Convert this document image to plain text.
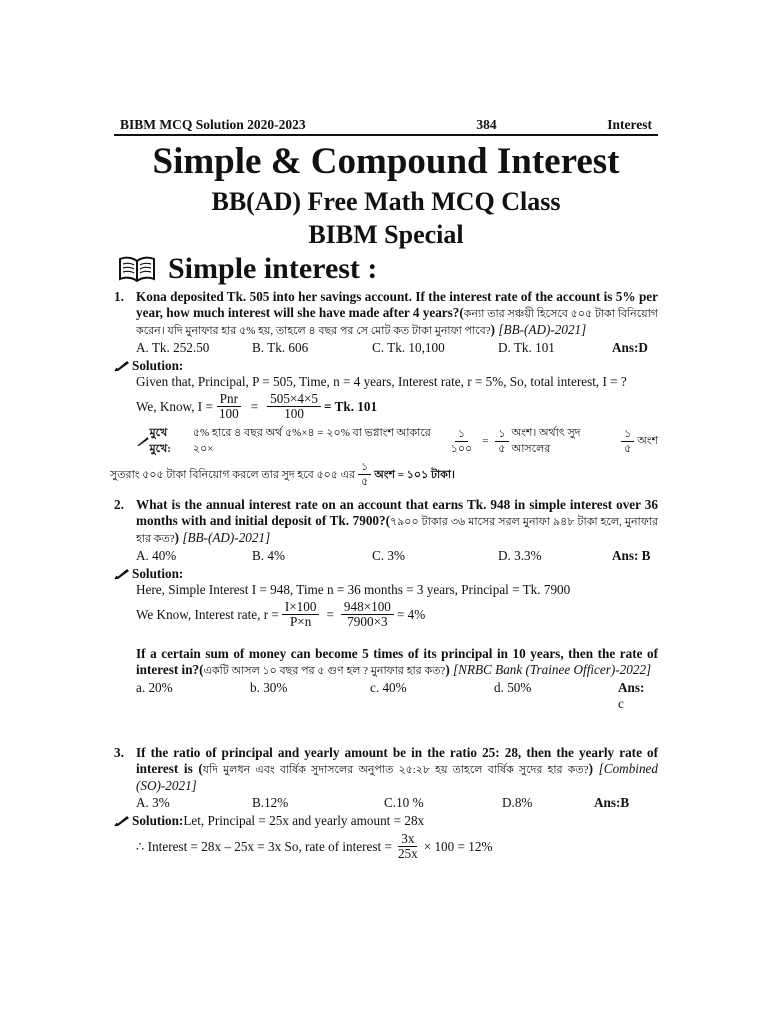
BIBM MCQ Solution 2020-2023	384	Interest
Simple & Compound Interest
BB(AD) Free Math MCQ Class
BIBM Special
Simple interest :
1. Kona deposited Tk. 505 into her savings account. If the interest rate of the account is 5% per year, how much interest will she have made after 4 years?(কন্যা তার সঞ্চয়ী হিসেবে ৫০৫ টাকা বিনিয়োগ করেন। যদি মুনাফার হার ৫% হয়, তাহলে ৪ বছর পর সে মোট কত টাকা মুনাফা পাবে?) [BB-(AD)-2021]
A. Tk. 252.50	B. Tk. 606	C. Tk. 10,100	D. Tk. 101	Ans:D
Solution:
Given that, Principal, P = 505, Time, n = 4 years, Interest rate, r = 5%, So, total interest, I = ?
We, Know, $I = \frac{\text{Pnr}}{100} = \frac{505\times 4\times 5}{100} = Tk$. 101
মুখে মুখে:
৫% হারে ৪ বছর অর্থ ৫%×৪ = ২০% বা ভগ্নাংশ আকারে ২০×	$\frac{১}{১০০} = \frac{১}{৫}$ অংশ। অর্থাৎ সুদ আসলের	$\frac{১}{৫}$ অংশ
সুতরাং ৫০৫ টাকা বিনিয়োগ করলে তার সুদ হবে ৫০৫ এর $\frac{১}{৫}$ অংশ = ১০১ টাকা।
2. What is the annual interest rate on an account that earns Tk. 948 in simple interest over 36 months with and initial deposit of Tk. 7900?(৭৯০০ টাকার ৩৬ মাসের সরল মুনাফা ৯৪৮ টাকা হলে, মুনাফার হার কত?) [BB-(AD)-2021]
A. 40%	B. 4%	C. 3%	D. 3.3%	Ans: B
Solution:
Here, Simple Interest I = 948, Time n = 36 months = 3 years, Principal = Tk. 7900
We Know, Interest rate, $r = \frac{I\times 100}{P\times n} = \frac{948\times 100}{7900\times 3} = 4\%$
If a certain sum of money can become 5 times of its principal in 10 years, then the rate of interest in?(একটি আসল ১০ বছর পর ৫ গুণ হল ? মুনাফার হার কত?) [NRBC Bank (Trainee Officer)-2022]
a. 20%	b. 30%	c. 40%	d. 50%	Ans:
c
3. If the ratio of principal and yearly amount be in the ratio 25: 28, then the yearly rate of interest is (যদি মুলধন এবং বার্ষিক সুদাসলের অনুপাত ২৫:২৮ হয় তাহলে বার্ষিক সুদের হার কত?) [Combined (SO)-2021]
A. 3%	B.12%	C.10 %	D.8%	Ans:B
Solution: Let, Principal = 25x and yearly amount = 28x
∴ Interest = 28x – 25x = 3x So, rate of interest = $\frac{3x}{25x} \times 100 = 12\%$
